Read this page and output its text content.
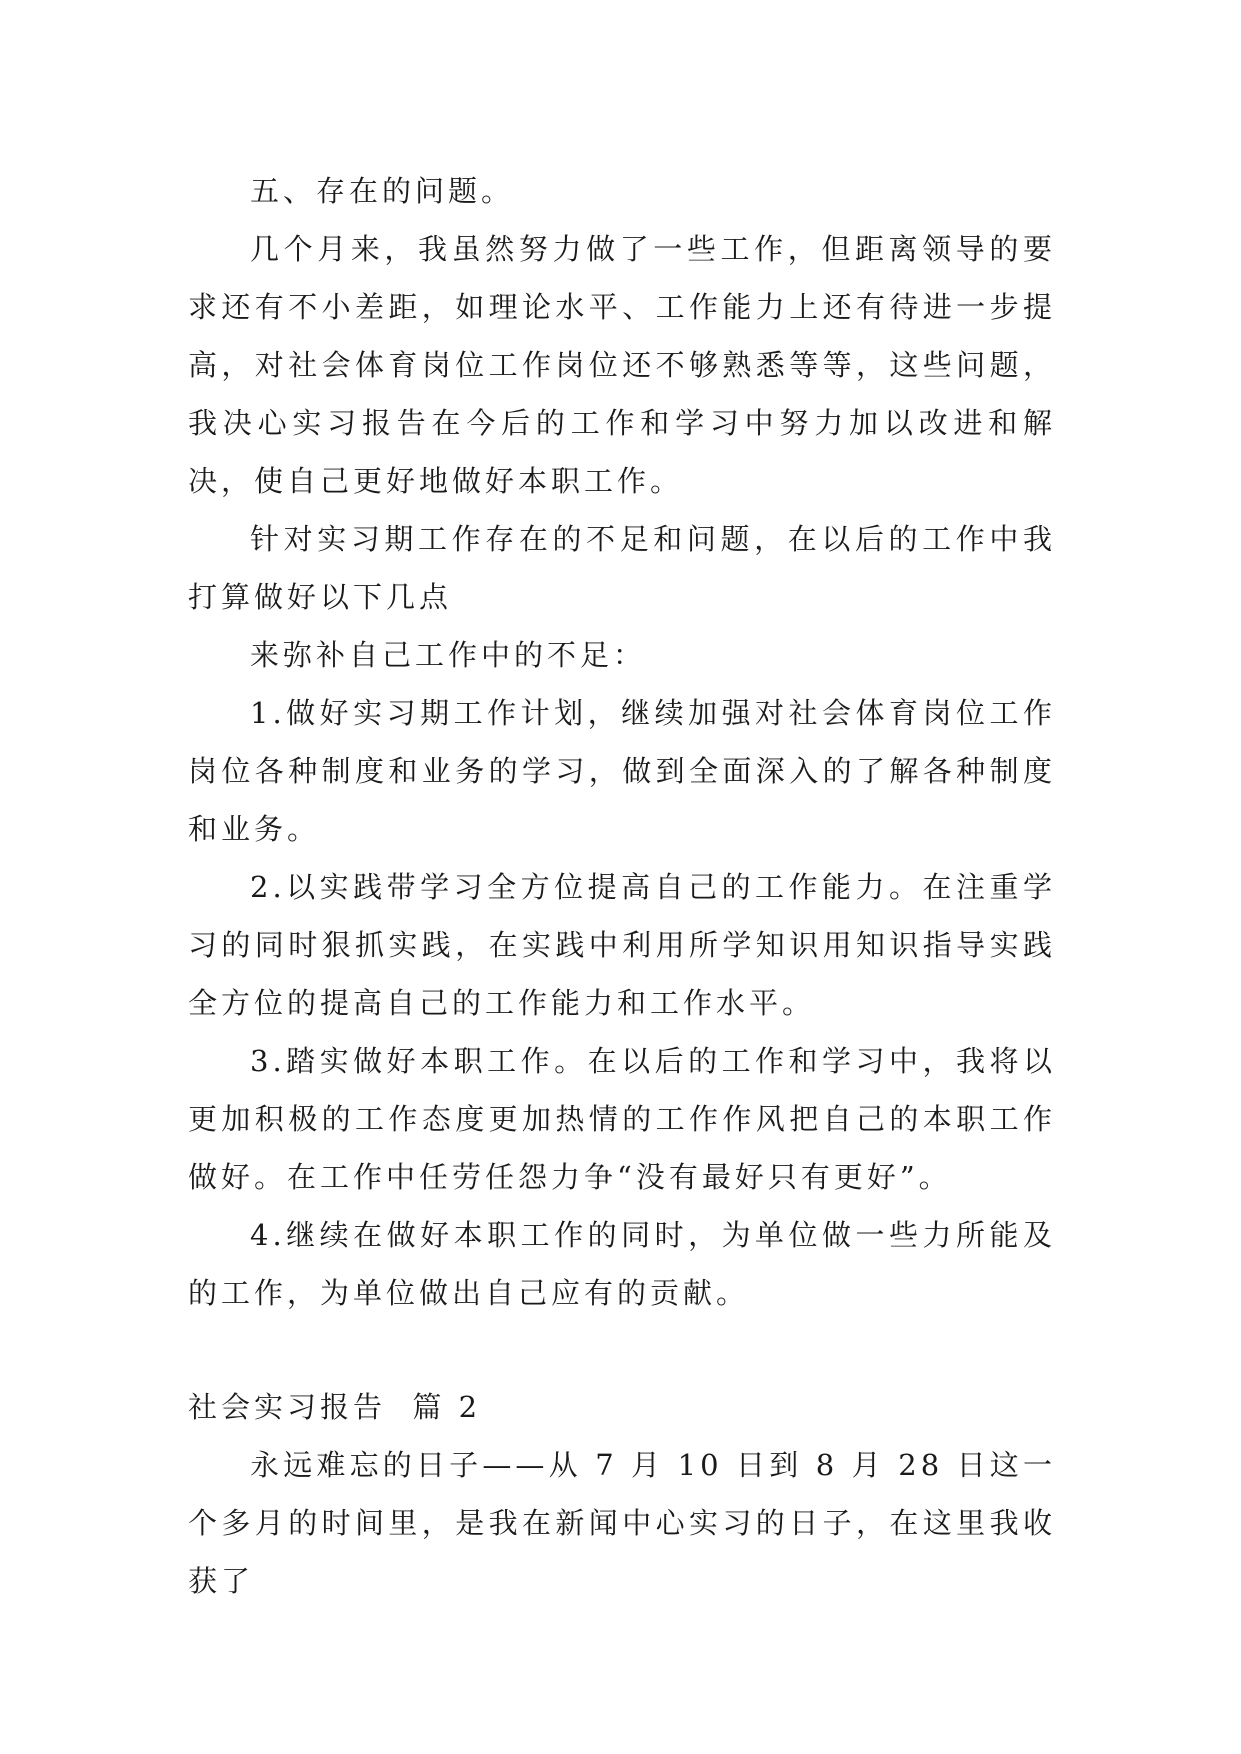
五、存在的问题。

几个月来，我虽然努力做了一些工作，但距离领导的要求还有不小差距，如理论水平、工作能力上还有待进一步提高，对社会体育岗位工作岗位还不够熟悉等等，这些问题，我决心实习报告在今后的工作和学习中努力加以改进和解决，使自己更好地做好本职工作。

针对实习期工作存在的不足和问题，在以后的工作中我打算做好以下几点

来弥补自己工作中的不足：

1.做好实习期工作计划，继续加强对社会体育岗位工作岗位各种制度和业务的学习，做到全面深入的了解各种制度和业务。

2.以实践带学习全方位提高自己的工作能力。在注重学习的同时狠抓实践，在实践中利用所学知识用知识指导实践全方位的提高自己的工作能力和工作水平。

3.踏实做好本职工作。在以后的工作和学习中，我将以更加积极的工作态度更加热情的工作作风把自己的本职工作做好。在工作中任劳任怨力争“没有最好只有更好”。

4.继续在做好本职工作的同时，为单位做一些力所能及的工作，为单位做出自己应有的贡献。

社会实习报告  篇 2

永远难忘的日子——从 7 月 10 日到 8 月 28 日这一个多月的时间里，是我在新闻中心实习的日子，在这里我收获了
